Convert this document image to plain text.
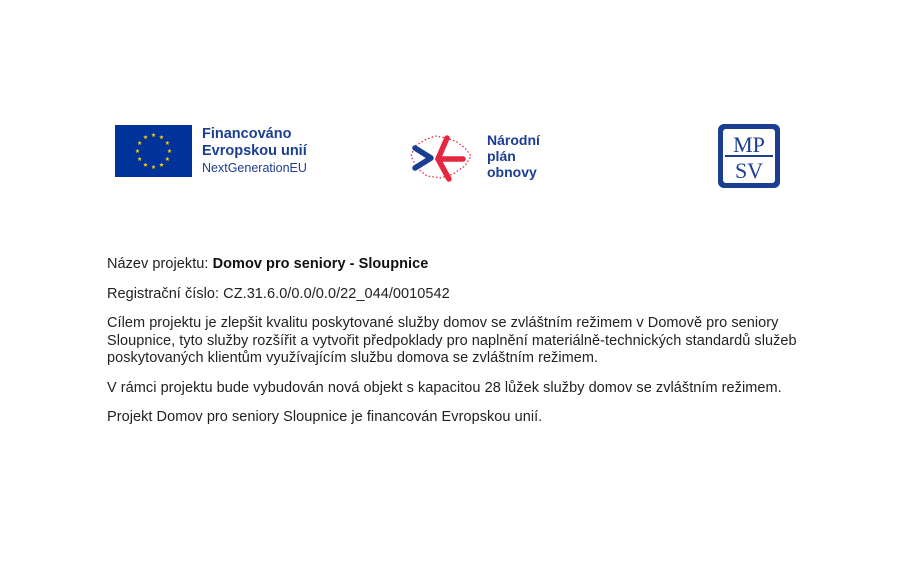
Financováno
Evropskou unií
NextGenerationEU
Národní
plán
obnovy
MP
SV

Název projektu: Domov pro seniory - Sloupnice

Registrační číslo: CZ.31.6.0/0.0/0.0/22_044/0010542

Cílem projektu je zlepšit kvalitu poskytované služby domov se zvláštním režimem v Domově pro seniory Sloupnice, tyto služby rozšířit a vytvořit předpoklady pro naplnění materiálně-technických standardů služeb poskytovaných klientům využívajícím službu domova se zvláštním režimem.

V rámci projektu bude vybudován nová objekt s kapacitou 28 lůžek služby domov se zvláštním režimem.

Projekt Domov pro seniory Sloupnice je financován Evropskou unií.
